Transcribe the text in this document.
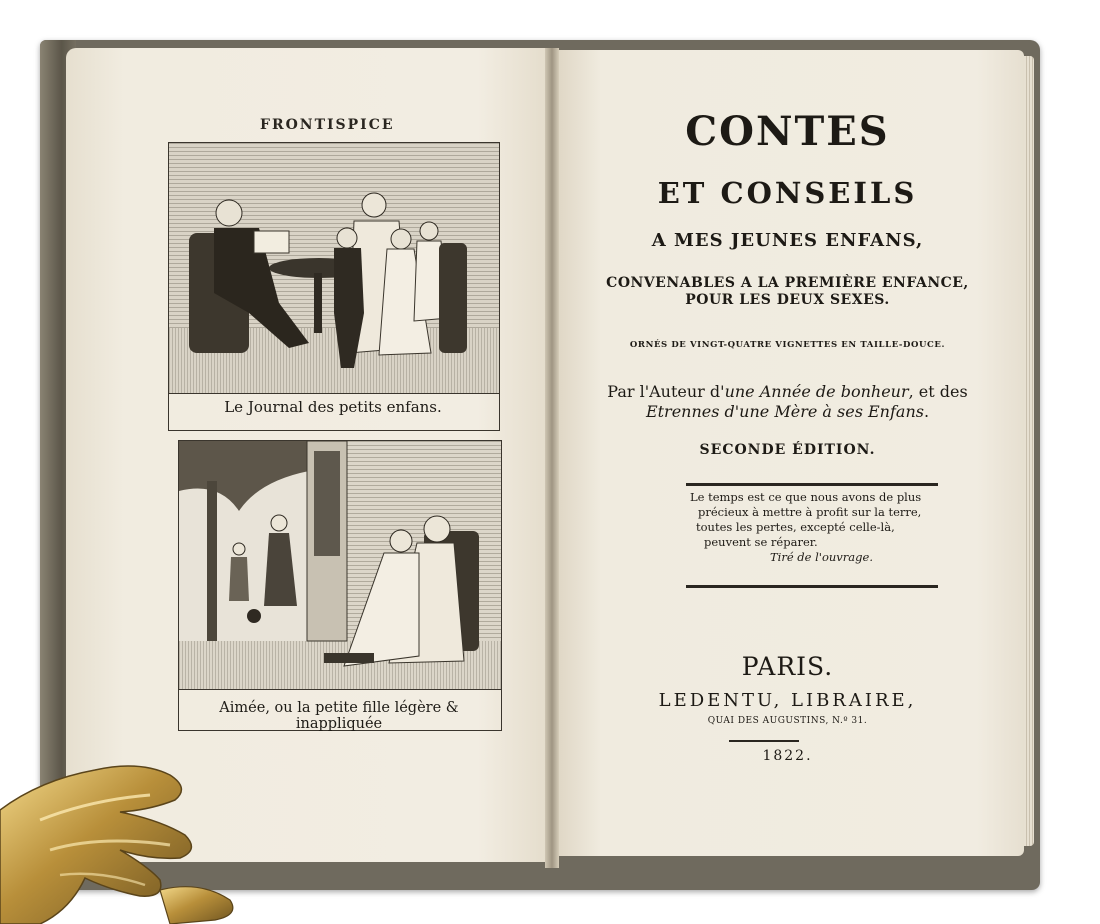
FRONTISPICE
Le Journal des petits enfans.
Aimée, ou la petite fille légère & inappliquée
CONTES
ET CONSEILS
A MES JEUNES ENFANS,
CONVENABLES A LA PREMIÈRE ENFANCE,
POUR LES DEUX SEXES.
ORNÉS DE VINGT-QUATRE VIGNETTES EN TAILLE-DOUCE.
Par l'Auteur d'une Année de bonheur, et des
Etrennes d'une Mère à ses Enfans.
SECONDE ÉDITION.
Le temps est ce que nous avons de plus
précieux à mettre à profit sur la terre,
toutes les pertes, excepté celle-là,
peuvent se réparer.
Tiré de l'ouvrage.
PARIS.
LEDENTU, LIBRAIRE,
QUAI DES AUGUSTINS, N.º 31.
1822.
